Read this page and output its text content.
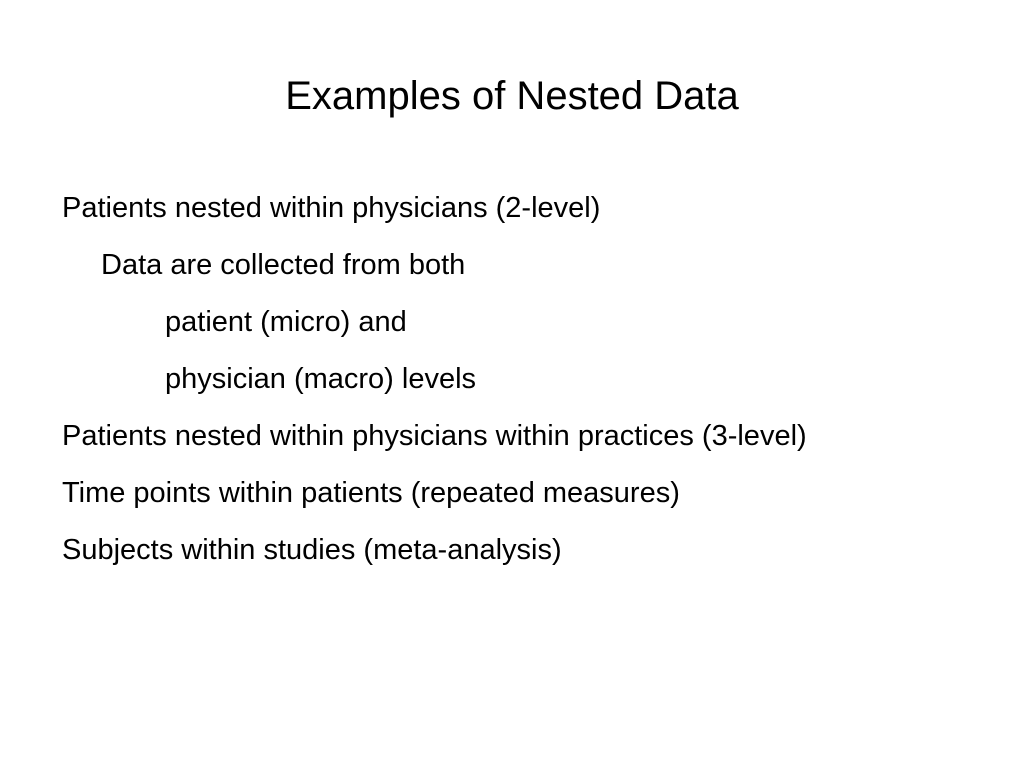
Examples of Nested Data
Patients nested within physicians (2-level)
Data are collected from both
patient (micro) and
physician (macro) levels
Patients nested within physicians within practices (3-level)
Time points within patients (repeated measures)
Subjects within studies (meta-analysis)
